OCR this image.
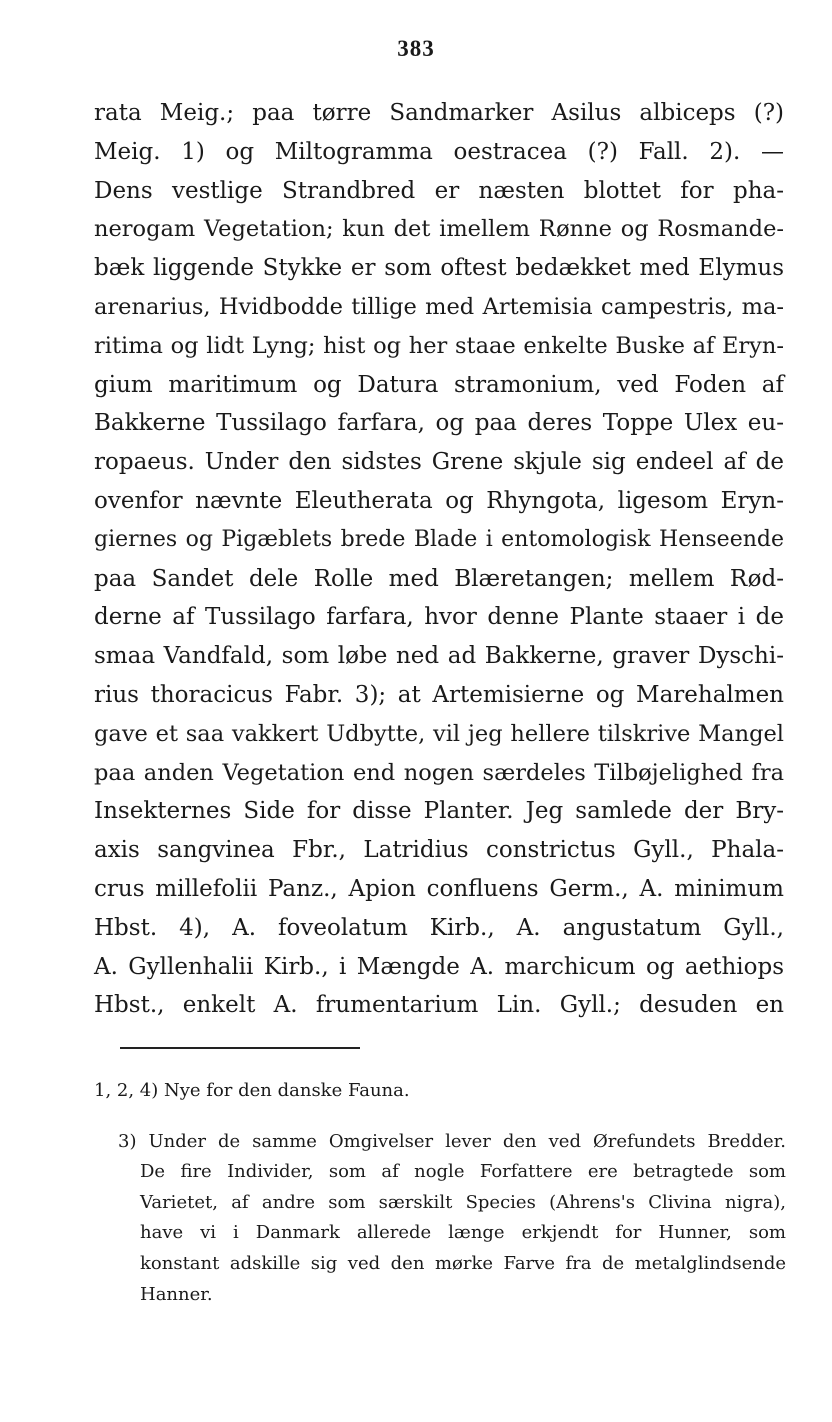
383
rata Meig.; paa tørre Sandmarker Asilus albiceps (?)
Meig. 1) og Miltogramma oestracea (?) Fall. 2). —
Dens vestlige Strandbred er næsten blottet for pha-
nerogam Vegetation; kun det imellem Rønne og Rosmande-
bæk liggende Stykke er som oftest bedækket med Elymus
arenarius, Hvidbodde tillige med Artemisia campestris, ma-
ritima og lidt Lyng; hist og her staae enkelte Buske af Eryn-
gium maritimum og Datura stramonium, ved Foden af
Bakkerne Tussilago farfara, og paa deres Toppe Ulex eu-
ropaeus. Under den sidstes Grene skjule sig endeel af de
ovenfor nævnte Eleutherata og Rhyngota, ligesom Eryn-
giernes og Pigæblets brede Blade i entomologisk Henseende
paa Sandet dele Rolle med Blæretangen; mellem Rød-
derne af Tussilago farfara, hvor denne Plante staaer i de
smaa Vandfald, som løbe ned ad Bakkerne, graver Dyschi-
rius thoracicus Fabr. 3); at Artemisierne og Marehalmen
gave et saa vakkert Udbytte, vil jeg hellere tilskrive Mangel
paa anden Vegetation end nogen særdeles Tilbøjelighed fra
Insekternes Side for disse Planter. Jeg samlede der Bry-
axis sangvinea Fbr., Latridius constrictus Gyll., Phala-
crus millefolii Panz., Apion confluens Germ., A. minimum
Hbst. 4), A. foveolatum Kirb., A. angustatum Gyll.,
A. Gyllenhalii Kirb., i Mængde A. marchicum og aethiops
Hbst., enkelt A. frumentarium Lin. Gyll.; desuden en
1, 2, 4) Nye for den danske Fauna.
3) Under de samme Omgivelser lever den ved Ørefundets Bredder.
De fire Individer, som af nogle Forfattere ere betragtede som
Varietet, af andre som særskilt Species (Ahrens's Clivina nigra),
have vi i Danmark allerede længe erkjendt for Hunner, som
konstant adskille sig ved den mørke Farve fra de metalglindsende
Hanner.
